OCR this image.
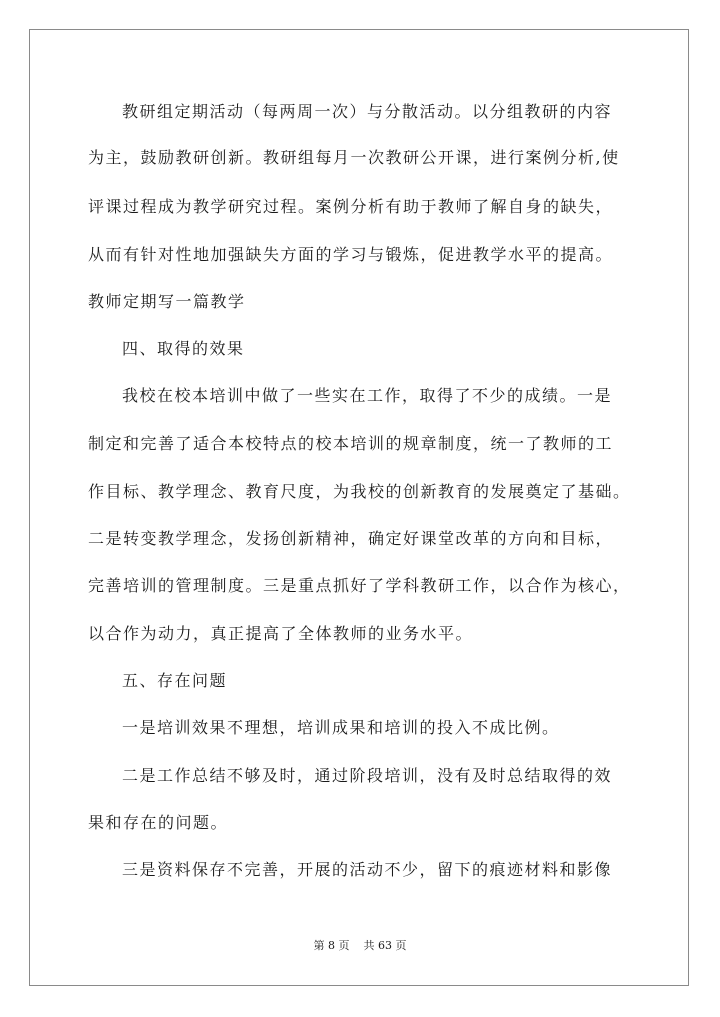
教研组定期活动（每两周一次）与分散活动。以分组教研的内容
为主，鼓励教研创新。教研组每月一次教研公开课，进行案例分析,使
评课过程成为教学研究过程。案例分析有助于教师了解自身的缺失，
从而有针对性地加强缺失方面的学习与锻炼，促进教学水平的提高。
教师定期写一篇教学
四、取得的效果
我校在校本培训中做了一些实在工作，取得了不少的成绩。一是
制定和完善了适合本校特点的校本培训的规章制度，统一了教师的工
作目标、教学理念、教育尺度，为我校的创新教育的发展奠定了基础。
二是转变教学理念，发扬创新精神，确定好课堂改革的方向和目标，
完善培训的管理制度。三是重点抓好了学科教研工作，以合作为核心，
以合作为动力，真正提高了全体教师的业务水平。
五、存在问题
一是培训效果不理想，培训成果和培训的投入不成比例。
二是工作总结不够及时，通过阶段培训，没有及时总结取得的效
果和存在的问题。
三是资料保存不完善，开展的活动不少，留下的痕迹材料和影像
第 8 页    共 63 页
